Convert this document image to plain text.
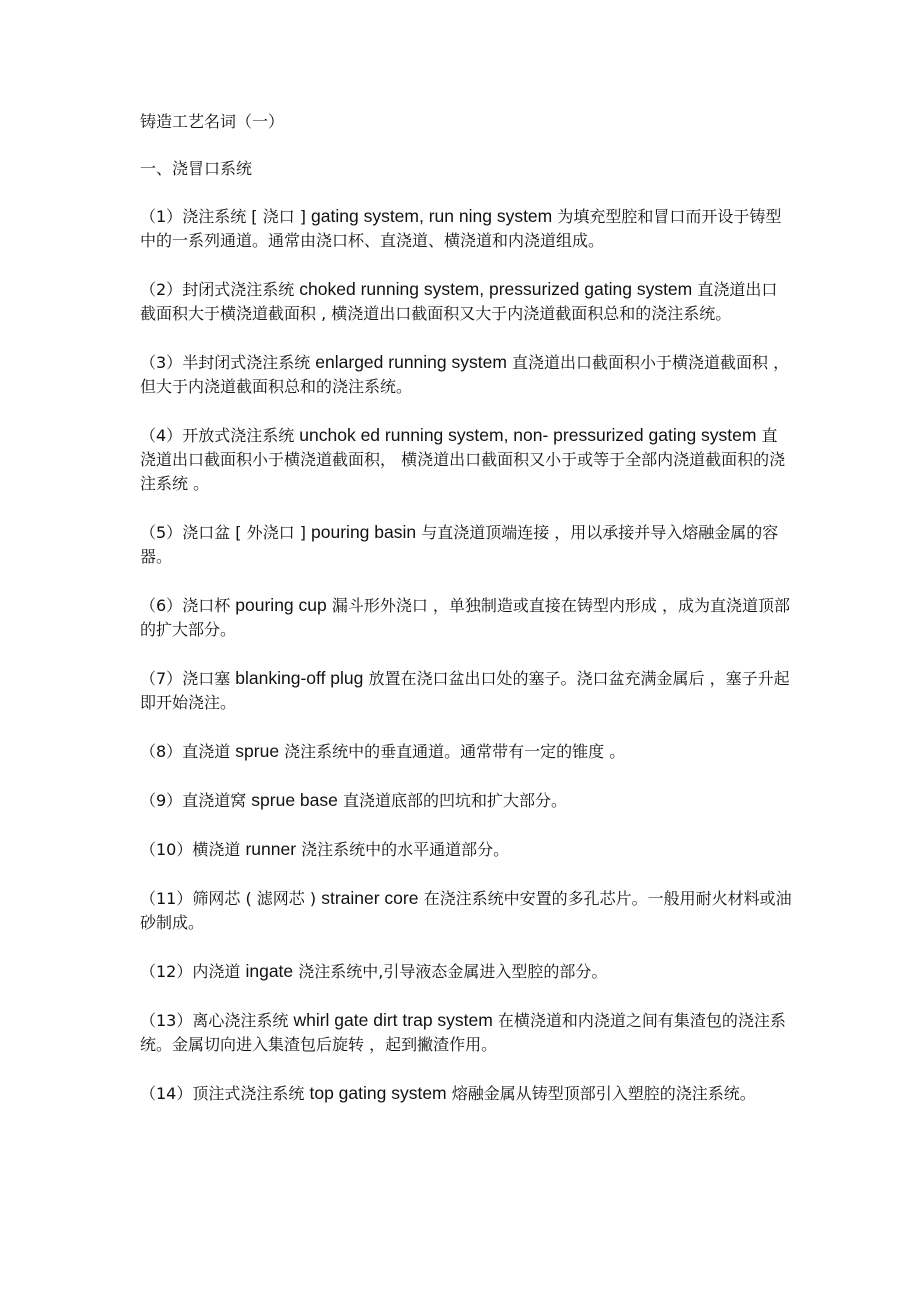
铸造工艺名词（一）
一、浇冒口系统
（1）浇注系统 [ 浇口 ] gating system, run ning system 为填充型腔和冒口而开设于铸型中的一系列通道。通常由浇口杯、直浇道、横浇道和内浇道组成。
（2）封闭式浇注系统 choked running system, pressurized gating system 直浇道出口截面积大于横浇道截面积 , 横浇道出口截面积又大于内浇道截面积总和的浇注系统。
（3）半封闭式浇注系统 enlarged running system 直浇道出口截面积小于横浇道截面积 ，但大于内浇道截面积总和的浇注系统。
（4）开放式浇注系统 unchok ed running system, non- pressurized gating system 直浇道出口截面积小于横浇道截面积， 横浇道出口截面积又小于或等于全部内浇道截面积的浇注系统 。
（5）浇口盆 [ 外浇口 ] pouring basin 与直浇道顶端连接 ，用以承接并导入熔融金属的容器。
（6）浇口杯 pouring cup 漏斗形外浇口 ，单独制造或直接在铸型内形成 ，成为直浇道顶部的扩大部分。
（7）浇口塞 blanking-off plug 放置在浇口盆出口处的塞子。浇口盆充满金属后 ，塞子升起即开始浇注。
（8）直浇道 sprue 浇注系统中的垂直通道。通常带有一定的锥度 。
（9）直浇道窝 sprue base 直浇道底部的凹坑和扩大部分。
（10）横浇道 runner 浇注系统中的水平通道部分。
（11）筛网芯 ( 滤网芯 ) strainer core 在浇注系统中安置的多孔芯片。一般用耐火材料或油砂制成。
（12）内浇道 ingate 浇注系统中,引导液态金属进入型腔的部分。
（13）离心浇注系统 whirl gate dirt trap system 在横浇道和内浇道之间有集渣包的浇注系统。金属切向进入集渣包后旋转 ，起到撇渣作用。
（14）顶注式浇注系统 top gating system 熔融金属从铸型顶部引入塑腔的浇注系统。
